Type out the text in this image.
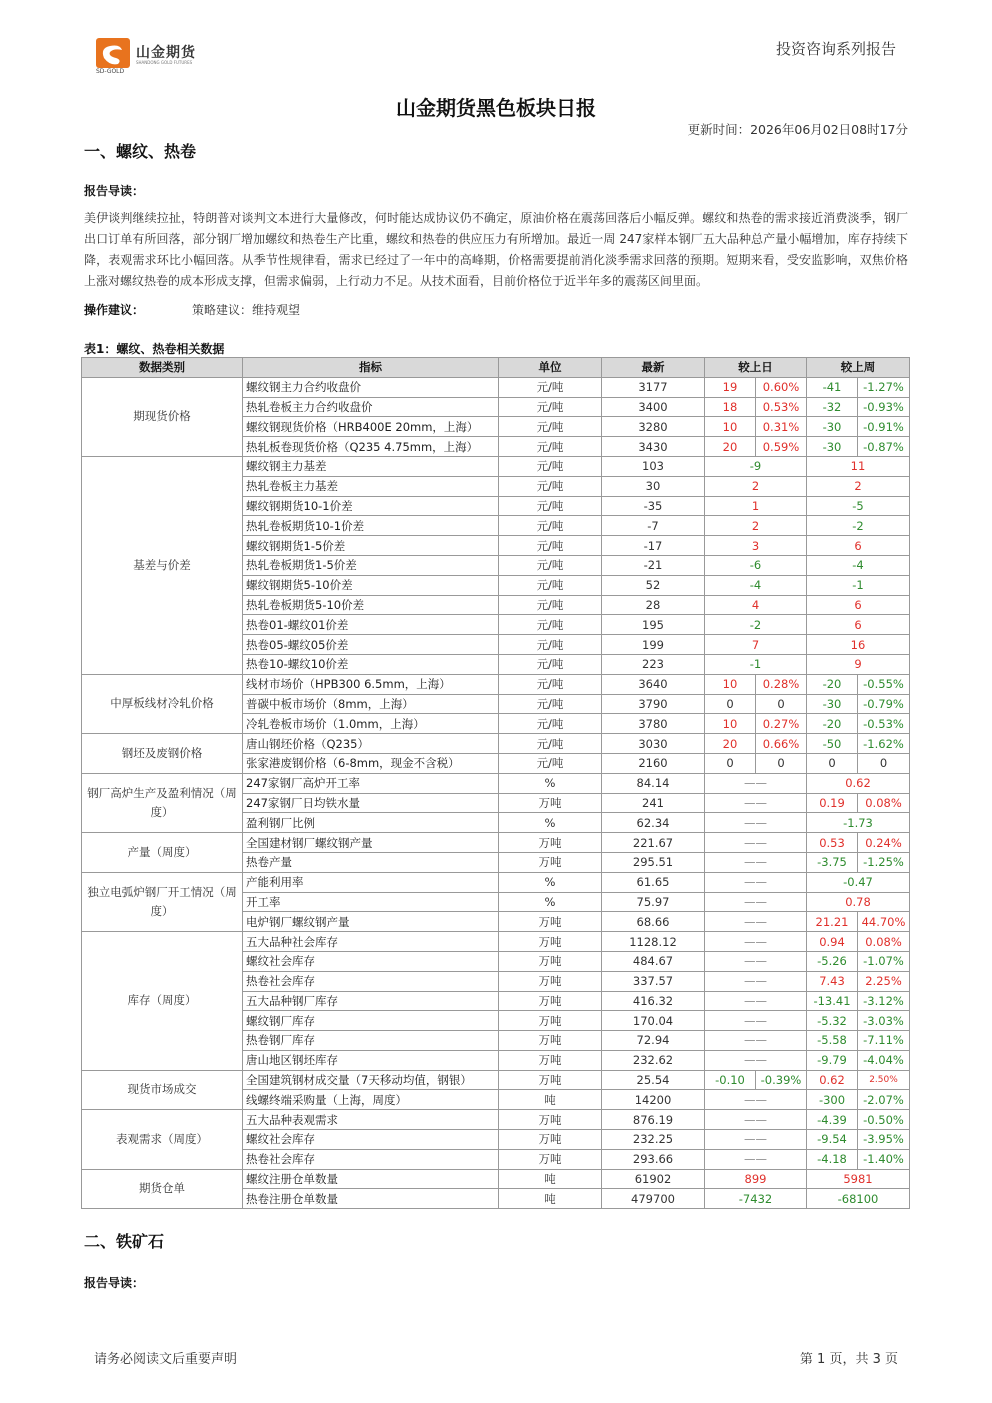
山金期货
SD-GOLD
SHANDONG GOLD FUTURES
投资咨询系列报告
山金期货黑色板块日报
更新时间：2026年06月02日08时17分
一、螺纹、热卷
报告导读：
美伊谈判继续拉扯，特朗普对谈判文本进行大量修改，何时能达成协议仍不确定，原油价格在震荡回落后小幅反弹。螺纹和热卷的需求接近消费淡季，钢厂出口订单有所回落，部分钢厂增加螺纹和热卷生产比重，螺纹和热卷的供应压力有所增加。最近一周 247家样本钢厂五大品种总产量小幅增加，库存持续下降，表观需求环比小幅回落。从季节性规律看，需求已经过了一年中的高峰期，价格需要提前消化淡季需求回落的预期。短期来看，受安监影响，双焦价格上涨对螺纹热卷的成本形成支撑，但需求偏弱，上行动力不足。从技术面看，目前价格位于近半年多的震荡区间里面。
操作建议：	策略建议：维持观望
表1：螺纹、热卷相关数据
数据类别	指标	单位	最新	较上日		较上周	
期现货价格	螺纹钢主力合约收盘价	元/吨	3177	19	0.60%	-41	-1.27%
	热轧卷板主力合约收盘价	元/吨	3400	18	0.53%	-32	-0.93%
	螺纹钢现货价格（HRB400E 20mm，上海）	元/吨	3280	10	0.31%	-30	-0.91%
	热轧板卷现货价格（Q235 4.75mm，上海）	元/吨	3430	20	0.59%	-30	-0.87%
基差与价差	螺纹钢主力基差	元/吨	103	-9		11	
	热轧卷板主力基差	元/吨	30	2		2	
	螺纹钢期货10-1价差	元/吨	-35	1		-5	
	热轧卷板期货10-1价差	元/吨	-7	2		-2	
	螺纹钢期货1-5价差	元/吨	-17	3		6	
	热轧卷板期货1-5价差	元/吨	-21	-6		-4	
	螺纹钢期货5-10价差	元/吨	52	-4		-1	
	热轧卷板期货5-10价差	元/吨	28	4		6	
	热卷01-螺纹01价差	元/吨	195	-2		6	
	热卷05-螺纹05价差	元/吨	199	7		16	
	热卷10-螺纹10价差	元/吨	223	-1		9	
中厚板线材冷轧价格	线材市场价（HPB300 6.5mm，上海）	元/吨	3640	10	0.28%	-20	-0.55%
	普碳中板市场价（8mm，上海）	元/吨	3790	0	0	-30	-0.79%
	冷轧卷板市场价（1.0mm，上海）	元/吨	3780	10	0.27%	-20	-0.53%
钢坯及废钢价格	唐山钢坯价格（Q235）	元/吨	3030	20	0.66%	-50	-1.62%
	张家港废钢价格（6-8mm，现金不含税）	元/吨	2160	0	0	0	0
钢厂高炉生产及盈利情况（周度）	247家钢厂高炉开工率	%	84.14	——		0.62	
	247家钢厂日均铁水量	万吨	241	——		0.19	0.08%
	盈利钢厂比例	%	62.34	——		-1.73	
产量（周度）	全国建材钢厂螺纹钢产量	万吨	221.67	——		0.53	0.24%
	热卷产量	万吨	295.51	——		-3.75	-1.25%
独立电弧炉钢厂开工情况（周度）	产能利用率	%	61.65	——		-0.47	
	开工率	%	75.97	——		0.78	
	电炉钢厂螺纹钢产量	万吨	68.66	——		21.21	44.70%
库存（周度）	五大品种社会库存	万吨	1128.12	——		0.94	0.08%
	螺纹社会库存	万吨	484.67	——		-5.26	-1.07%
	热卷社会库存	万吨	337.57	——		7.43	2.25%
	五大品种钢厂库存	万吨	416.32	——		-13.41	-3.12%
	螺纹钢厂库存	万吨	170.04	——		-5.32	-3.03%
	热卷钢厂库存	万吨	72.94	——		-5.58	-7.11%
	唐山地区钢坯库存	万吨	232.62	——		-9.79	-4.04%
现货市场成交	全国建筑钢材成交量（7天移动均值，钢银）	万吨	25.54	-0.10	-0.39%	0.62	2.50%
	线螺终端采购量（上海，周度）	吨	14200	——		-300	-2.07%
表观需求（周度）	五大品种表观需求	万吨	876.19	——		-4.39	-0.50%
	螺纹社会库存	万吨	232.25	——		-9.54	-3.95%
	热卷社会库存	万吨	293.66	——		-4.18	-1.40%
期货仓单	螺纹注册仓单数量	吨	61902	899		5981	
	热卷注册仓单数量	吨	479700	-7432		-68100	
二、铁矿石
报告导读：
请务必阅读文后重要声明	第 1 页，共 3 页
